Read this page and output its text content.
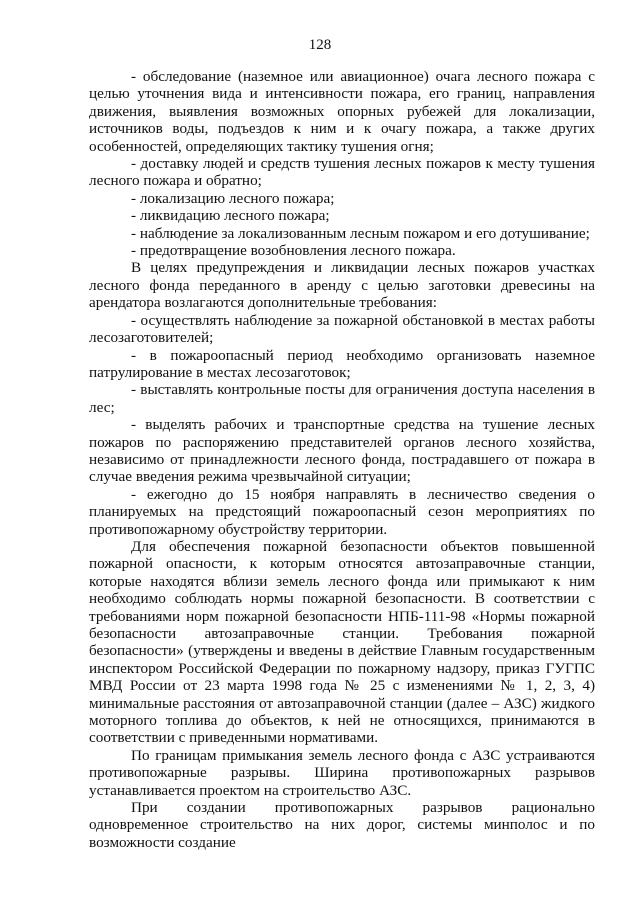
128

- обследование (наземное или авиационное) очага лесного пожара с целью уточнения вида и интенсивности пожара, его границ, направления движения, выявления возможных опорных рубежей для локализации, источников воды, подъездов к ним и к очагу пожара, а также других особенностей, определяющих тактику тушения огня;

- доставку людей и средств тушения лесных пожаров к месту тушения лесного пожара и обратно;

- локализацию лесного пожара;

- ликвидацию лесного пожара;

- наблюдение за локализованным лесным пожаром и его дотушивание;

- предотвращение возобновления лесного пожара.

В целях предупреждения и ликвидации лесных пожаров участках лесного фонда переданного в аренду с целью заготовки древесины на арендатора возлагаются дополнительные требования:

- осуществлять наблюдение за пожарной обстановкой в местах работы лесозаготовителей;

- в пожароопасный период необходимо организовать наземное патрулирование в местах лесозаготовок;

- выставлять контрольные посты для ограничения доступа населения в лес;

- выделять рабочих и транспортные средства на тушение лесных пожаров по распоряжению представителей органов лесного хозяйства, независимо от принадлежности лесного фонда, пострадавшего от пожара в случае введения режима чрезвычайной ситуации;

- ежегодно до 15 ноября направлять в лесничество сведения о планируемых на предстоящий пожароопасный сезон мероприятиях по противопожарному обустройству территории.

Для обеспечения пожарной безопасности объектов повышенной пожарной опасности, к которым относятся автозаправочные станции, которые находятся вблизи земель лесного фонда или примыкают к ним необходимо соблюдать нормы пожарной безопасности. В соответствии с требованиями норм пожарной безопасности НПБ-111-98 «Нормы пожарной безопасности автозаправочные станции. Требования пожарной безопасности» (утверждены и введены в действие Главным государственным инспектором Российской Федерации по пожарному надзору, приказ ГУГПС МВД России от 23 марта 1998 года № 25 с изменениями № 1, 2, 3, 4) минимальные расстояния от автозаправочной станции (далее – АЗС) жидкого моторного топлива до объектов, к ней не относящихся, принимаются в соответствии с приведенными нормативами.

По границам примыкания земель лесного фонда с АЗС устраиваются противопожарные разрывы. Ширина противопожарных разрывов устанавливается проектом на строительство АЗС.

При создании противопожарных разрывов рационально одновременное строительство на них дорог, системы минполос и по возможности создание
